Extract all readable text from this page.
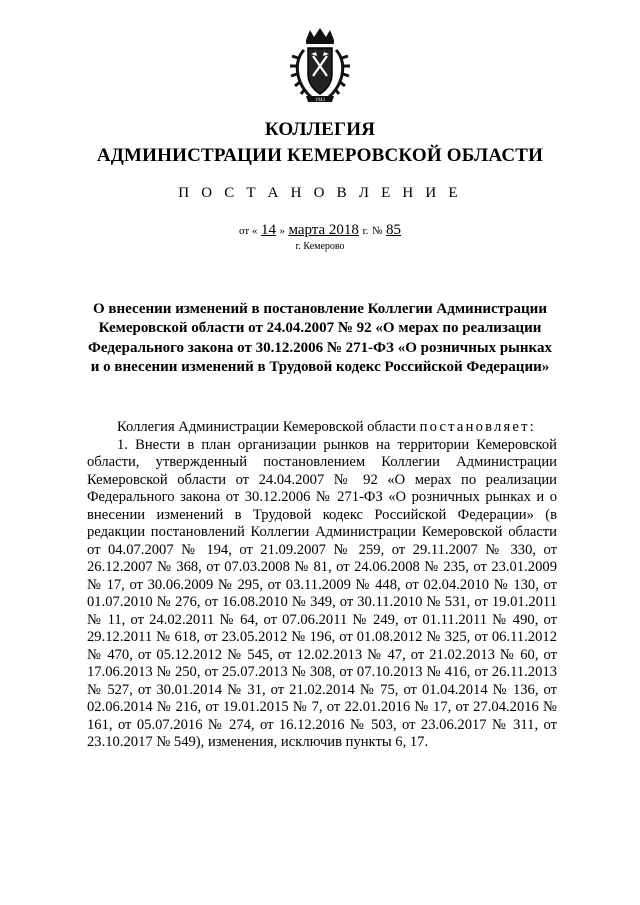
1943
КОЛЛЕГИЯ
АДМИНИСТРАЦИИ КЕМЕРОВСКОЙ ОБЛАСТИ
П О С Т А Н О В Л Е Н И Е
от « 14 » марта 2018 г. № 85
г. Кемерово
О внесении изменений в постановление Коллегии Администрации
Кемеровской области от 24.04.2007 № 92 «О мерах по реализации
Федерального закона от 30.12.2006 № 271-ФЗ «О розничных рынках
и о внесении изменений в Трудовой кодекс Российской Федерации»
Коллегия Администрации Кемеровской области постановляет:

1. Внести в план организации рынков на территории Кемеровской области, утвержденный постановлением Коллегии Администрации Кемеровской области от 24.04.2007 № 92 «О мерах по реализации Федерального закона от 30.12.2006 № 271-ФЗ «О розничных рынках и о внесении изменений в Трудовой кодекс Российской Федерации» (в редакции постановлений Коллегии Администрации Кемеровской области от 04.07.2007 № 194, от 21.09.2007 № 259, от 29.11.2007 № 330, от 26.12.2007 № 368, от 07.03.2008 № 81, от 24.06.2008 № 235, от 23.01.2009 № 17, от 30.06.2009 № 295, от 03.11.2009 № 448, от 02.04.2010 № 130, от 01.07.2010 № 276, от 16.08.2010 № 349, от 30.11.2010 № 531, от 19.01.2011 № 11, от 24.02.2011 № 64, от 07.06.2011 № 249, от 01.11.2011 № 490, от 29.12.2011 № 618, от 23.05.2012 № 196, от 01.08.2012 № 325, от 06.11.2012 № 470, от 05.12.2012 № 545, от 12.02.2013 № 47, от 21.02.2013 № 60, от 17.06.2013 № 250, от 25.07.2013 № 308, от 07.10.2013 № 416, от 26.11.2013 № 527, от 30.01.2014 № 31, от 21.02.2014 № 75, от 01.04.2014 № 136, от 02.06.2014 № 216, от 19.01.2015 № 7, от 22.01.2016 № 17, от 27.04.2016 № 161, от 05.07.2016 № 274, от 16.12.2016 № 503, от 23.06.2017 № 311, от 23.10.2017 № 549), изменения, исключив пункты 6, 17.
